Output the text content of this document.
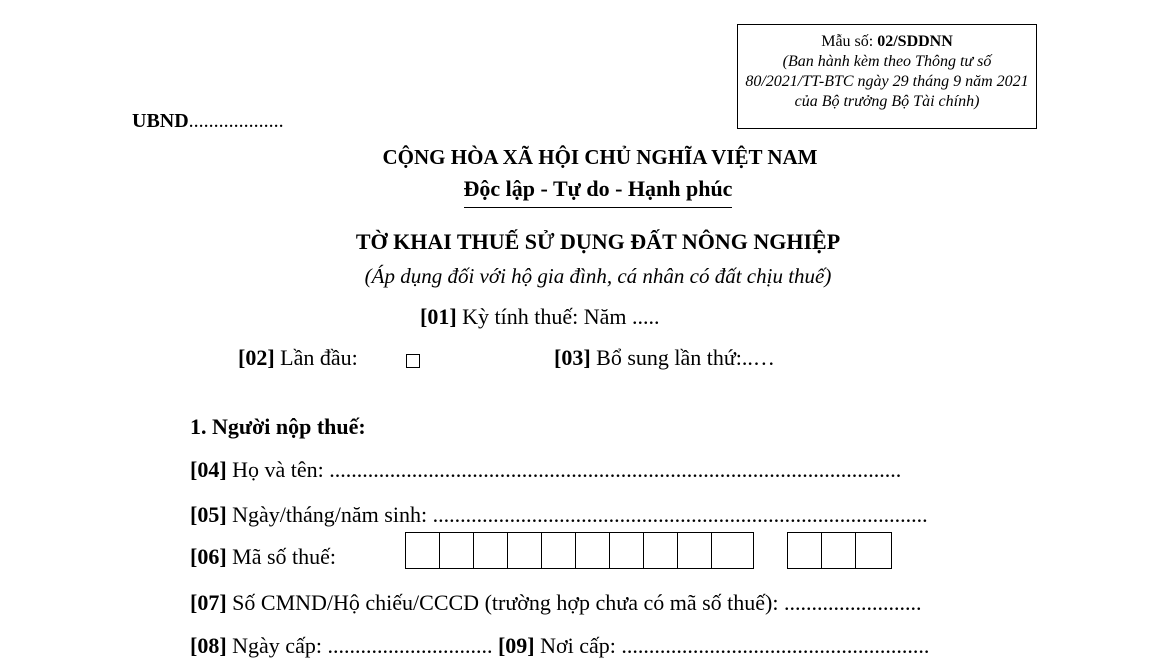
Mẫu số: 02/SDDNN
(Ban hành kèm theo Thông tư số
80/2021/TT-BTC ngày 29 tháng 9 năm 2021
của Bộ trưởng Bộ Tài chính)
UBND...................
CỘNG HÒA XÃ HỘI CHỦ NGHĨA VIỆT NAM
Độc lập - Tự do - Hạnh phúc
TỜ KHAI THUẾ SỬ DỤNG ĐẤT NÔNG NGHIỆP
(Áp dụng đối với hộ gia đình, cá nhân có đất chịu thuế)
[01] Kỳ tính thuế: Năm .....
[02] Lần đầu:	[03] Bổ sung lần thứ:..…
1. Người nộp thuế:
[04] Họ và tên: ........................................................................................................
[05] Ngày/tháng/năm sinh: ..........................................................................................
[06] Mã số thuế:
[07] Số CMND/Hộ chiếu/CCCD (trường hợp chưa có mã số thuế): .........................
[08] Ngày cấp: .............................. [09] Nơi cấp: ........................................................
